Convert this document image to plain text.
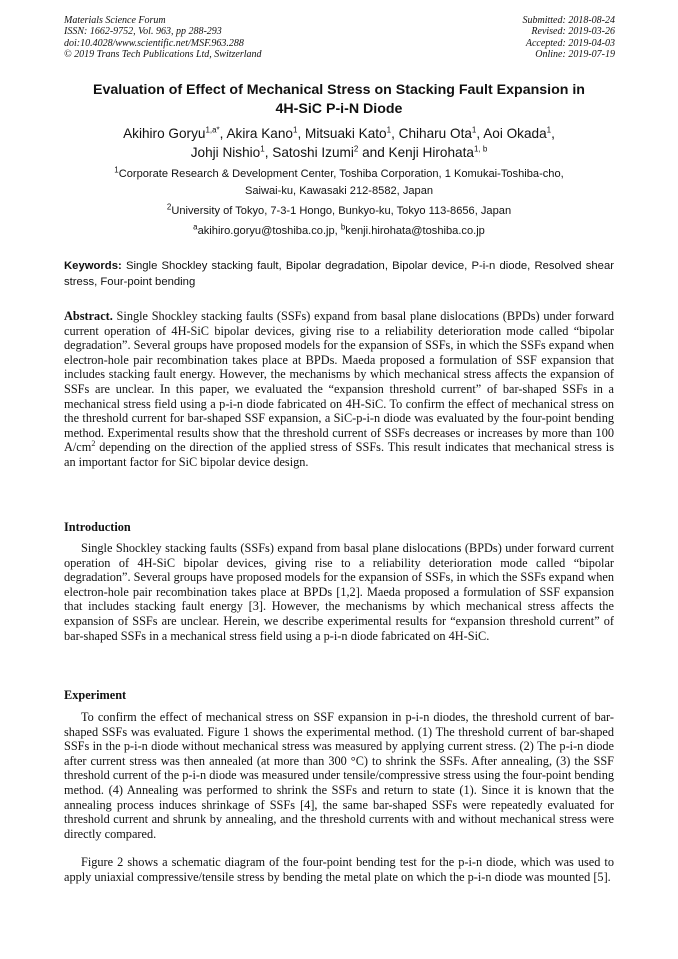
Materials Science Forum
ISSN: 1662-9752, Vol. 963, pp 288-293
doi:10.4028/www.scientific.net/MSF.963.288
© 2019 Trans Tech Publications Ltd, Switzerland
Submitted: 2018-08-24
Revised: 2019-03-26
Accepted: 2019-04-03
Online: 2019-07-19
Evaluation of Effect of Mechanical Stress on Stacking Fault Expansion in
4H-SiC P-i-N Diode
Akihiro Goryu$^{1,a*}$, Akira Kano$^1$, Mitsuaki Kato$^1$, Chiharu Ota$^1$, Aoi Okada$^1$,
Johji Nishio$^1$, Satoshi Izumi$^2$ and Kenji Hirohata$^{1, b}$
$^1$Corporate Research & Development Center, Toshiba Corporation, 1 Komukai-Toshiba-cho,
Saiwai-ku, Kawasaki 212-8582, Japan
$^2$University of Tokyo, 7-3-1 Hongo, Bunkyo-ku, Tokyo 113-8656, Japan
$^a$akihiro.goryu@toshiba.co.jp, $^b$kenji.hirohata@toshiba.co.jp
Keywords: Single Shockley stacking fault, Bipolar degradation, Bipolar device, P-i-n diode, Resolved shear stress, Four-point bending

Abstract. Single Shockley stacking faults (SSFs) expand from basal plane dislocations (BPDs) under forward current operation of 4H-SiC bipolar devices, giving rise to a reliability deterioration mode called “bipolar degradation”. Several groups have proposed models for the expansion of SSFs, in which the SSFs expand when electron-hole pair recombination takes place at BPDs. Maeda proposed a formulation of SSF expansion that includes stacking fault energy. However, the mechanisms by which mechanical stress affects the expansion of SSFs are unclear. In this paper, we evaluated the “expansion threshold current” of bar-shaped SSFs in a mechanical stress field using a p-i-n diode fabricated on 4H-SiC. To confirm the effect of mechanical stress on the threshold current for bar-shaped SSF expansion, a SiC-p-i-n diode was evaluated by the four-point bending method. Experimental results show that the threshold current of SSFs decreases or increases by more than 100 $A/cm^2$ depending on the direction of the applied stress of SSFs. This result indicates that mechanical stress is an important factor for SiC bipolar device design.

Introduction

Single Shockley stacking faults (SSFs) expand from basal plane dislocations (BPDs) under forward current operation of 4H-SiC bipolar devices, giving rise to a reliability deterioration mode called “bipolar degradation”. Several groups have proposed models for the expansion of SSFs, in which the SSFs expand when electron-hole pair recombination takes place at BPDs [1,2]. Maeda proposed a formulation of SSF expansion that includes stacking fault energy [3]. However, the mechanisms by which mechanical stress affects the expansion of SSFs are unclear. Herein, we describe experimental results for “expansion threshold current” of bar-shaped SSFs in a mechanical stress field using a p-i-n diode fabricated on 4H-SiC.

Experiment

To confirm the effect of mechanical stress on SSF expansion in p-i-n diodes, the threshold current of bar-shaped SSFs was evaluated. Figure 1 shows the experimental method. (1) The threshold current of bar-shaped SSFs in the p-i-n diode without mechanical stress was measured by applying current stress. (2) The p-i-n diode after current stress was then annealed (at more than 300 °C) to shrink the SSFs. After annealing, (3) the SSF threshold current of the p-i-n diode was measured under tensile/compressive stress using the four-point bending method. (4) Annealing was performed to shrink the SSFs and return to state (1). Since it is known that the annealing process induces shrinkage of SSFs [4], the same bar-shaped SSFs were repeatedly evaluated for threshold current and shrunk by annealing, and the threshold currents with and without mechanical stress were directly compared.

Figure 2 shows a schematic diagram of the four-point bending test for the p-i-n diode, which was used to apply uniaxial compressive/tensile stress by bending the metal plate on which the p-i-n diode was mounted [5].
